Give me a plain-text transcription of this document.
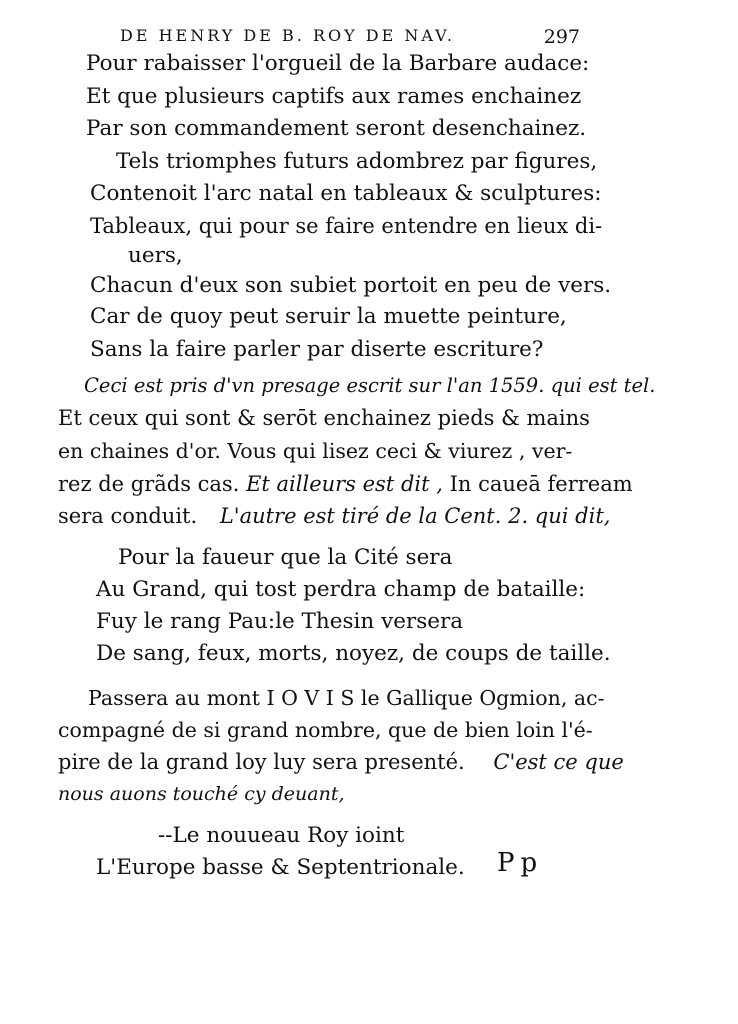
DE HENRY DE B. ROY DE NAV.	297
Pour rabaisser l'orgueil de la Barbare audace:
Et que plusieurs captifs aux rames enchainez
Par son commandement seront desenchainez.
Tels triomphes futurs adombrez par figures,
Contenoit l'arc natal en tableaux & sculptures:
Tableaux, qui pour se faire entendre en lieux di-
uers,
Chacun d'eux son subiet portoit en peu de vers.
Car de quoy peut seruir la muette peinture,
Sans la faire parler par diserte escriture?
Ceci est pris d'vn presage escrit sur l'an 1559. qui est tel.
Et ceux qui sont & serōt enchainez pieds & mains
en chaines d'or. Vous qui lisez ceci & viurez , ver-
rez de grãds cas. Et ailleurs est dit , In caueā ferream
sera conduit. L'autre est tiré de la Cent. 2. qui dit,
Pour la faueur que la Cité sera
Au Grand, qui tost perdra champ de bataille:
Fuy le rang Pau:le Thesin versera
De sang, feux, morts, noyez, de coups de taille.
Passera au mont I O V I S le Gallique Ogmion, ac-
compagné de si grand nombre, que de bien loin l'é-
pire de la grand loy luy sera presenté. C'est ce que
nous auons touché cy deuant,
--Le nouueau Roy ioint
L'Europe basse & Septentrionale. Pp
